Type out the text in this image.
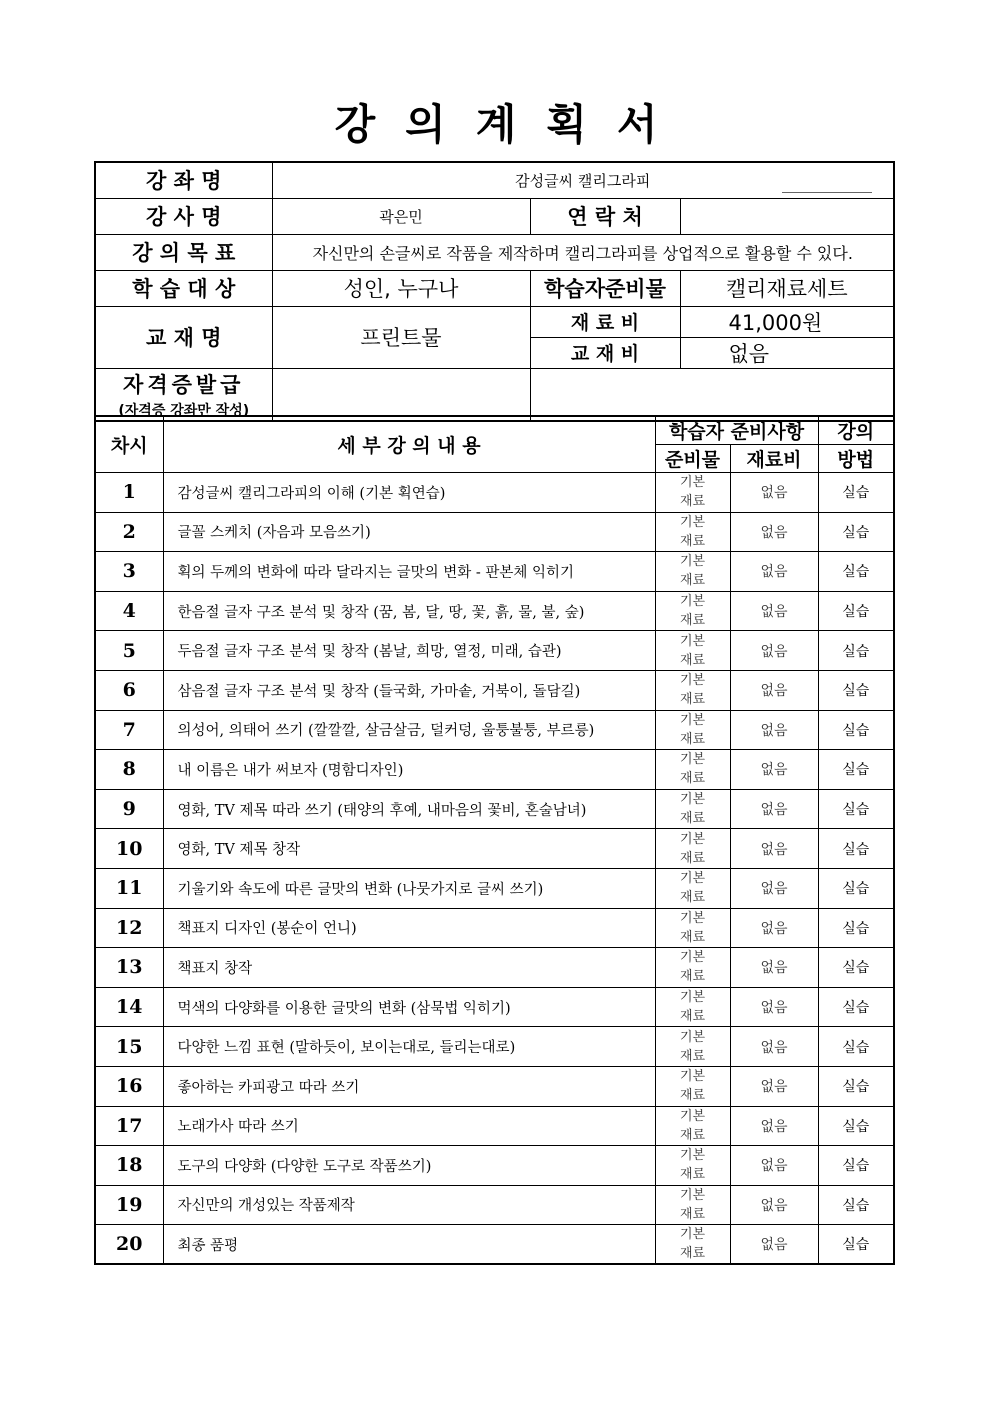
강의계획서
강 좌 명	감성글씨 캘리그라피		

강 사 명	곽은민	연 락 처	

강 의 목 표	자신만의 손글씨로 작품을 제작하며 캘리그라피를 상업적으로 활용할 수 있다.		

학 습 대 상	성인, 누구나	학습자준비물	캘리재료세트

교 재 명	프린트물	재 료 비	41,000원

교 재 비	없음

자격증발급
(자격증 강좌만 작성)			

차시	세 부 강 의 내 용	학습자 준비사항		강의
		준비물	재료비	방법
1	감성글씨 캘리그라피의 이해 (기본 획연습)	기본
재료	없음	실습
2	글꼴 스케치 (자음과 모음쓰기)	기본
재료	없음	실습
3	획의 두께의 변화에 따라 달라지는 글맛의 변화 - 판본체 익히기	기본
재료	없음	실습
4	한음절 글자 구조 분석 및 창작 (꿈, 봄, 달, 땅, 꽃, 흙, 물, 불, 숲)	기본
재료	없음	실습
5	두음절 글자 구조 분석 및 창작 (봄날, 희망, 열정, 미래, 습관)	기본
재료	없음	실습
6	삼음절 글자 구조 분석 및 창작 (들국화, 가마솥, 거북이, 돌담길)	기본
재료	없음	실습
7	의성어, 의태어 쓰기 (깔깔깔, 살금살금, 덜커덩, 울퉁불퉁, 부르릉)	기본
재료	없음	실습
8	내 이름은 내가 써보자 (명함디자인)	기본
재료	없음	실습
9	영화, TV 제목 따라 쓰기 (태양의 후예, 내마음의 꽃비, 혼술남녀)	기본
재료	없음	실습
10	영화, TV 제목 창작	기본
재료	없음	실습
11	기울기와 속도에 따른 글맛의 변화 (나뭇가지로 글씨 쓰기)	기본
재료	없음	실습
12	책표지 디자인 (봉순이 언니)	기본
재료	없음	실습
13	책표지 창작	기본
재료	없음	실습
14	먹색의 다양화를 이용한 글맛의 변화 (삼묵법 익히기)	기본
재료	없음	실습
15	다양한 느낌 표현 (말하듯이, 보이는대로, 들리는대로)	기본
재료	없음	실습
16	좋아하는 카피광고 따라 쓰기	기본
재료	없음	실습
17	노래가사 따라 쓰기	기본
재료	없음	실습
18	도구의 다양화 (다양한 도구로 작품쓰기)	기본
재료	없음	실습
19	자신만의 개성있는 작품제작	기본
재료	없음	실습
20	최종 품평	기본
재료	없음	실습
